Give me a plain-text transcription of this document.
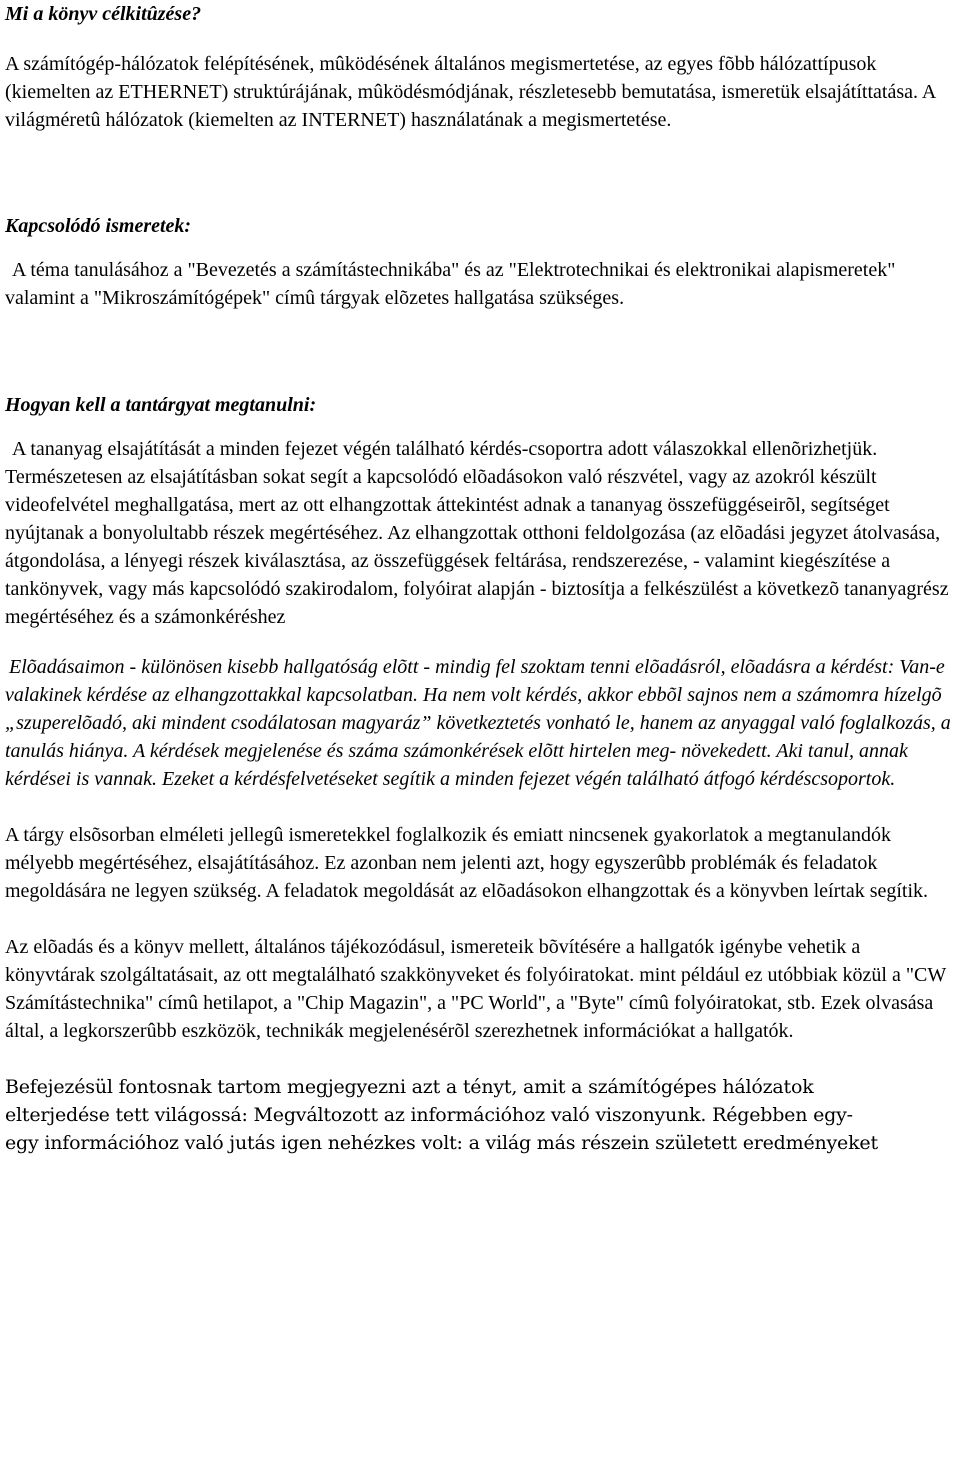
Mi a könyv célkitûzése?

A számítógép-hálózatok felépítésének, mûködésének általános megismertetése, az egyes fõbb hálózattípusok (kiemelten az ETHERNET) struktúrájának, mûködésmódjának, részletesebb bemutatása, ismeretük elsajátíttatása. A világméretû hálózatok (kiemelten az INTERNET) használatának a megismertetése.

Kapcsolódó ismeretek:

A téma tanulásához a "Bevezetés a számítástechnikába" és az "Elektrotechnikai és elektronikai alapismeretek" valamint a "Mikroszámítógépek" címû tárgyak elõzetes hallgatása szükséges.

Hogyan kell a tantárgyat megtanulni:

A tananyag elsajátítását a minden fejezet végén található kérdés-csoportra adott válaszokkal ellenõrizhetjük. Természetesen az elsajátításban sokat segít a kapcsolódó elõadásokon való részvétel, vagy az azokról készült videofelvétel meghallgatása, mert az ott elhangzottak áttekintést adnak a tananyag összefüggéseirõl, segítséget nyújtanak a bonyolultabb részek megértéséhez. Az elhangzottak otthoni feldolgozása (az elõadási jegyzet átolvasása, átgondolása, a lényegi részek kiválasztása, az összefüggések feltárása, rendszerezése, - valamint kiegészítése a tankönyvek, vagy más kapcsolódó szakirodalom, folyóirat alapján - biztosítja a felkészülést a következõ tananyagrész megértéséhez és a számonkéréshez

Elõadásaimon - különösen kisebb hallgatóság elõtt - mindig fel szoktam tenni elõadásról, elõadásra a kérdést: Van-e valakinek kérdése az elhangzottakkal kapcsolatban. Ha nem volt kérdés, akkor ebbõl sajnos nem a számomra hízelgõ „szuperelõadó, aki mindent csodálatosan magyaráz” következtetés vonható le, hanem az anyaggal való foglalkozás, a tanulás hiánya. A kérdések megjelenése és száma számonkérések elõtt hirtelen meg- növekedett. Aki tanul, annak kérdései is vannak. Ezeket a kérdésfelvetéseket segítik a minden fejezet végén található átfogó kérdéscsoportok.

A tárgy elsõsorban elméleti jellegû ismeretekkel foglalkozik és emiatt nincsenek gyakorlatok a megtanulandók mélyebb megértéséhez, elsajátításához. Ez azonban nem jelenti azt, hogy egyszerûbb problémák és feladatok megoldására ne legyen szükség. A feladatok megoldását az elõadásokon elhangzottak és a könyvben leírtak segítik.

Az elõadás és a könyv mellett, általános tájékozódásul, ismereteik bõvítésére a hallgatók igénybe vehetik a könyvtárak szolgáltatásait, az ott megtalálható szakkönyveket és folyóiratokat. mint például ez utóbbiak közül a "CW Számítástechnika" címû hetilapot, a "Chip Magazin", a "PC World", a "Byte" címû folyóiratokat, stb. Ezek olvasása által, a legkorszerûbb eszközök, technikák megjelenésérõl szerezhetnek információkat a hallgatók.

Befejezésül fontosnak tartom megjegyezni azt a tényt, amit a számítógépes hálózatok
elterjedése tett világossá: Megváltozott az információhoz való viszonyunk. Régebben egy-
egy információhoz való jutás igen nehézkes volt: a világ más részein született eredményeket
